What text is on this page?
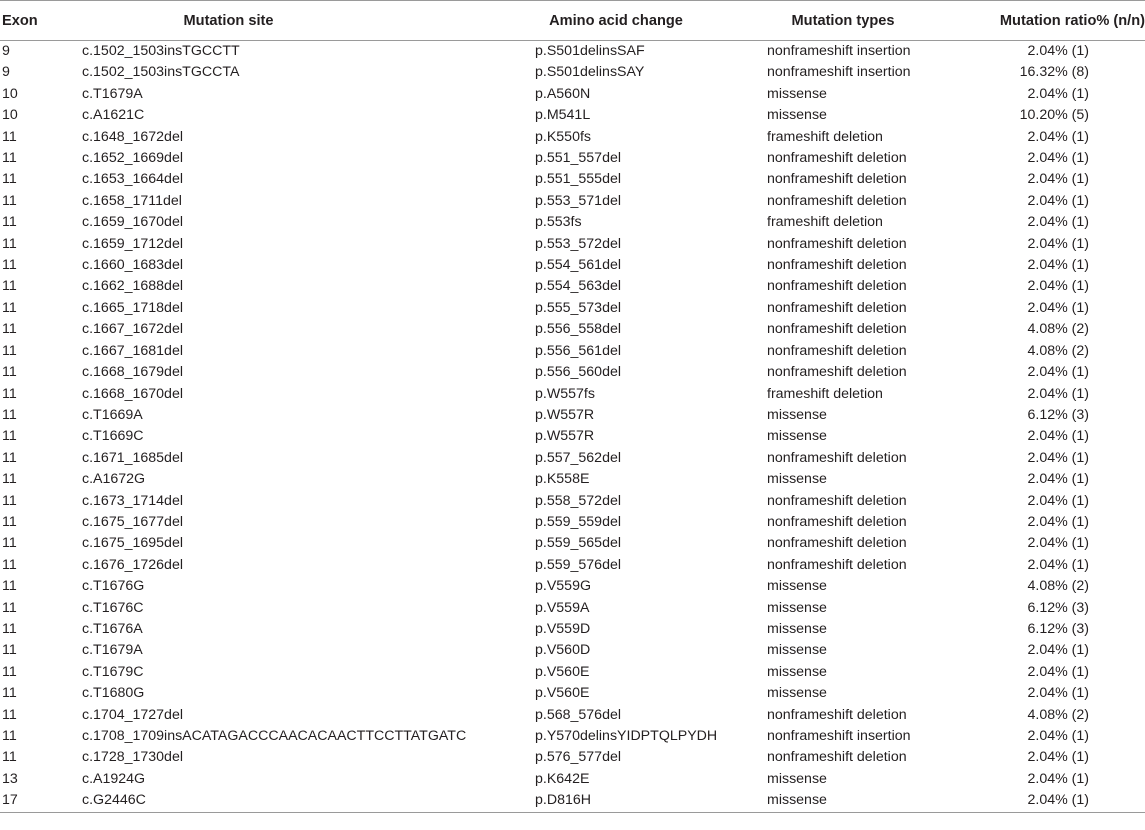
Exon	Mutation site	Amino acid change	Mutation types	Mutation ratio% (n/n)
9	c.1502_1503insTGCCTT	p.S501delinsSAF	nonframeshift insertion	2.04% (1)
9	c.1502_1503insTGCCTA	p.S501delinsSAY	nonframeshift insertion	16.32% (8)
10	c.T1679A	p.A560N	missense	2.04% (1)
10	c.A1621C	p.M541L	missense	10.20% (5)
11	c.1648_1672del	p.K550fs	frameshift deletion	2.04% (1)
11	c.1652_1669del	p.551_557del	nonframeshift deletion	2.04% (1)
11	c.1653_1664del	p.551_555del	nonframeshift deletion	2.04% (1)
11	c.1658_1711del	p.553_571del	nonframeshift deletion	2.04% (1)
11	c.1659_1670del	p.553fs	frameshift deletion	2.04% (1)
11	c.1659_1712del	p.553_572del	nonframeshift deletion	2.04% (1)
11	c.1660_1683del	p.554_561del	nonframeshift deletion	2.04% (1)
11	c.1662_1688del	p.554_563del	nonframeshift deletion	2.04% (1)
11	c.1665_1718del	p.555_573del	nonframeshift deletion	2.04% (1)
11	c.1667_1672del	p.556_558del	nonframeshift deletion	4.08% (2)
11	c.1667_1681del	p.556_561del	nonframeshift deletion	4.08% (2)
11	c.1668_1679del	p.556_560del	nonframeshift deletion	2.04% (1)
11	c.1668_1670del	p.W557fs	frameshift deletion	2.04% (1)
11	c.T1669A	p.W557R	missense	6.12% (3)
11	c.T1669C	p.W557R	missense	2.04% (1)
11	c.1671_1685del	p.557_562del	nonframeshift deletion	2.04% (1)
11	c.A1672G	p.K558E	missense	2.04% (1)
11	c.1673_1714del	p.558_572del	nonframeshift deletion	2.04% (1)
11	c.1675_1677del	p.559_559del	nonframeshift deletion	2.04% (1)
11	c.1675_1695del	p.559_565del	nonframeshift deletion	2.04% (1)
11	c.1676_1726del	p.559_576del	nonframeshift deletion	2.04% (1)
11	c.T1676G	p.V559G	missense	4.08% (2)
11	c.T1676C	p.V559A	missense	6.12% (3)
11	c.T1676A	p.V559D	missense	6.12% (3)
11	c.T1679A	p.V560D	missense	2.04% (1)
11	c.T1679C	p.V560E	missense	2.04% (1)
11	c.T1680G	p.V560E	missense	2.04% (1)
11	c.1704_1727del	p.568_576del	nonframeshift deletion	4.08% (2)
11	c.1708_1709insACATAGACCCAACACAACTTCCTTATGATC	p.Y570delinsYIDPTQLPYDH	nonframeshift insertion	2.04% (1)
11	c.1728_1730del	p.576_577del	nonframeshift deletion	2.04% (1)
13	c.A1924G	p.K642E	missense	2.04% (1)
17	c.G2446C	p.D816H	missense	2.04% (1)
